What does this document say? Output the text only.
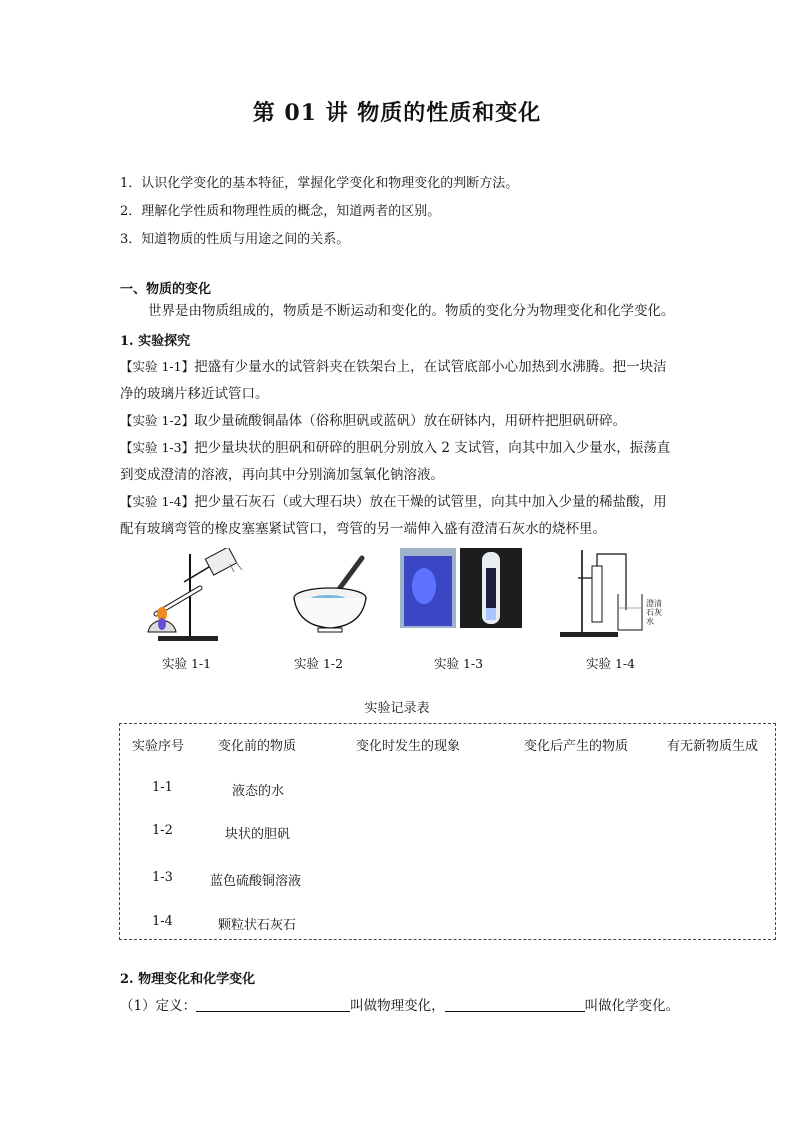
第 01 讲 物质的性质和变化
1．认识化学变化的基本特征，掌握化学变化和物理变化的判断方法。
2．理解化学性质和物理性质的概念，知道两者的区别。
3．知道物质的性质与用途之间的关系。
一、物质的变化
世界是由物质组成的，物质是不断运动和变化的。物质的变化分为物理变化和化学变化。
1. 实验探究
【实验 1-1】把盛有少量水的试管斜夹在铁架台上，在试管底部小心加热到水沸腾。把一块洁净的玻璃片移近试管口。
【实验 1-2】取少量硫酸铜晶体（俗称胆矾或蓝矾）放在研钵内，用研杵把胆矾研碎。
【实验 1-3】把少量块状的胆矾和研碎的胆矾分别放入 2 支试管，向其中加入少量水，振荡直到变成澄清的溶液，再向其中分别滴加氢氧化钠溶液。
【实验 1-4】把少量石灰石（或大理石块）放在干燥的试管里，向其中加入少量的稀盐酸，用配有玻璃弯管的橡皮塞塞紧试管口，弯管的另一端伸入盛有澄清石灰水的烧杯里。
实验 1-1	实验 1-2	实验 1-3
澄清石灰水
实验 1-4
实验记录表
实验序号	变化前的物质	变化时发生的现象	变化后产生的物质	有无新物质生成
1-1	液态的水
1-2	块状的胆矾
1-3	蓝色硫酸铜溶液
1-4	颗粒状石灰石
2. 物理变化和化学变化
（1）定义：	叫做物理变化，	叫做化学变化。
